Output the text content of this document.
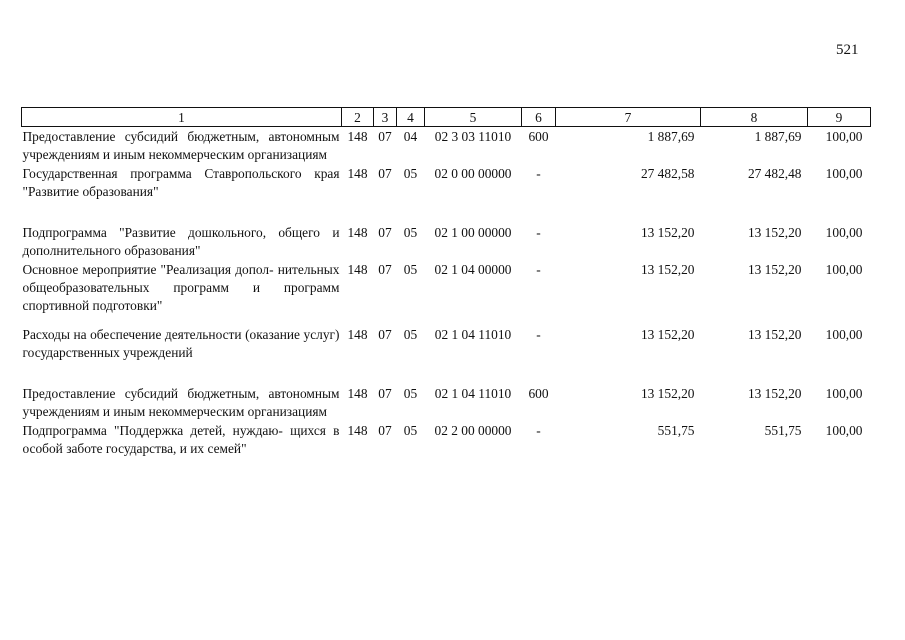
521
1	2	3	4	5	6	7	8	9
Предоставление субсидий бюджетным, автономным учреждениям и иным некоммерческим организациям	148	07	04	02 3 03 11010	600	1 887,69	1 887,69	100,00
Государственная программа Ставропольского края "Развитие образования"	148	07	05	02 0 00 00000	-	27 482,58	27 482,48	100,00

Подпрограмма "Развитие дошкольного, общего и дополнительного образования"	148	07	05	02 1 00 00000	-	13 152,20	13 152,20	100,00
Основное мероприятие "Реализация допол- нительных общеобразовательных программ и программ спортивной подготовки"	148	07	05	02 1 04 00000	-	13 152,20	13 152,20	100,00

Расходы на обеспечение деятельности (оказание услуг) государственных учреждений	148	07	05	02 1 04 11010	-	13 152,20	13 152,20	100,00

Предоставление субсидий бюджетным, автономным учреждениям и иным некоммерческим организациям	148	07	05	02 1 04 11010	600	13 152,20	13 152,20	100,00
Подпрограмма "Поддержка детей, нуждаю- щихся в особой заботе государства, и их семей"	148	07	05	02 2 00 00000	-	551,75	551,75	100,00
